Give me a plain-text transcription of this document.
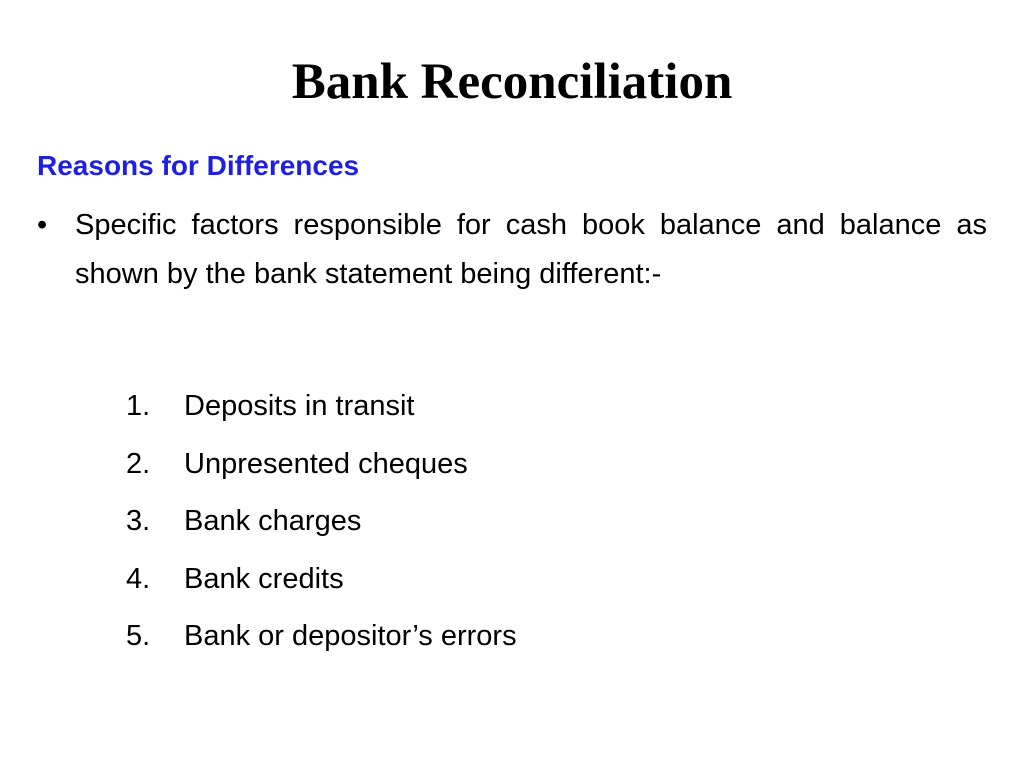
Bank Reconciliation
Reasons for Differences
• Specific factors responsible for cash book balance and balance as shown by the bank statement being different:-
1.	Deposits in transit
2.	Unpresented cheques
3.	Bank charges
4.	Bank credits
5.	Bank or depositor’s errors
